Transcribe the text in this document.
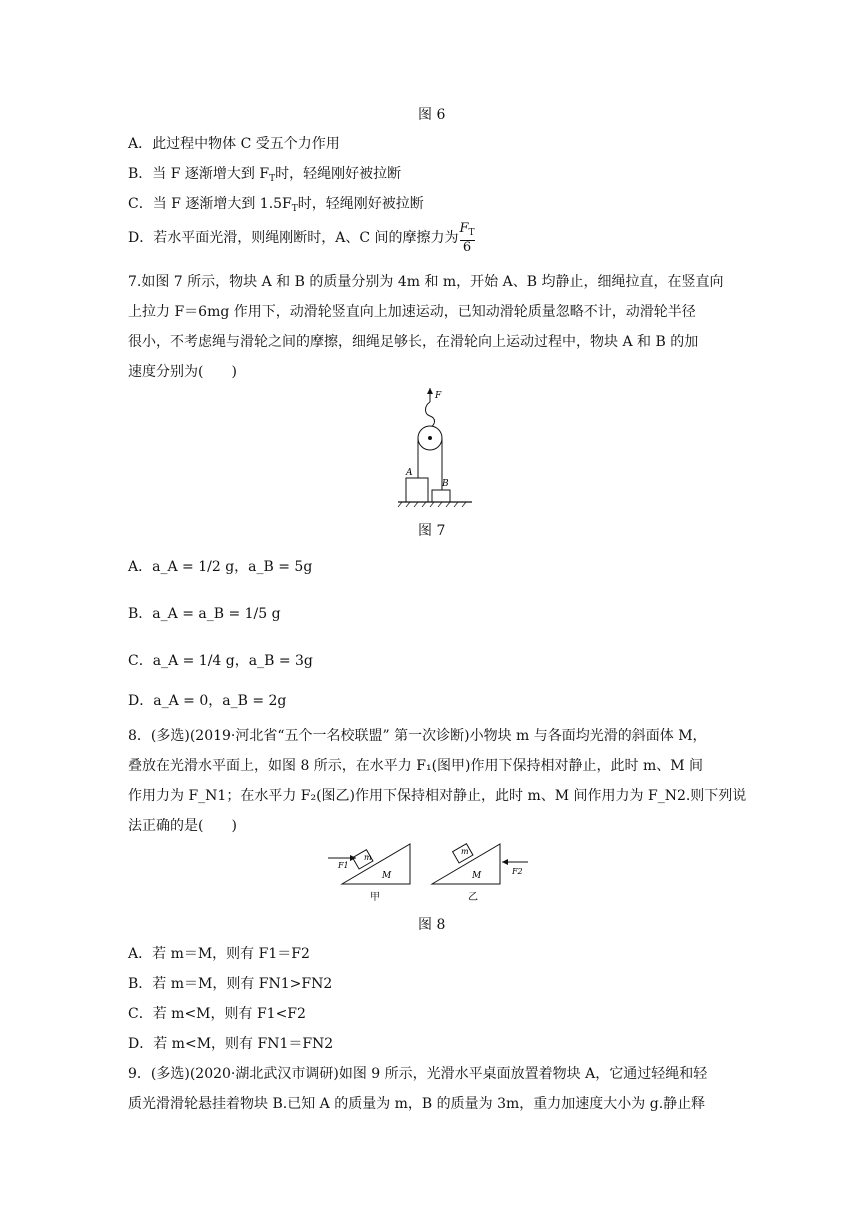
图 6
A．此过程中物体 C 受五个力作用
B．当 F 逐渐增大到 $F_T$时，轻绳刚好被拉断
C．当 F 逐渐增大到 $1.5F_T$时，轻绳刚好被拉断
D．若水平面光滑，则绳刚断时，A、C 间的摩擦力为 $\frac{F_T}{6}$
7.如图 7 所示，物块 A 和 B 的质量分别为 4m 和 m，开始 A、B 均静止，细绳拉直，在竖直向
上拉力 F＝6mg 作用下，动滑轮竖直向上加速运动，已知动滑轮质量忽略不计，动滑轮半径
很小，不考虑绳与滑轮之间的摩擦，细绳足够长，在滑轮向上运动过程中，物块 A 和 B 的加
速度分别为(　　)
F
A
B
图 7
A．a_A = 1/2 g，a_B = 5g
B．a_A = a_B = 1/5 g
C．a_A = 1/4 g，a_B = 3g
D．a_A = 0，a_B = 2g
8．(多选)(2019·河北省“五个一名校联盟” 第一次诊断)小物块 m 与各面均光滑的斜面体 M，
叠放在光滑水平面上，如图 8 所示，在水平力 F₁(图甲)作用下保持相对静止，此时 m、M 间
作用力为 F_N1；在水平力 F₂(图乙)作用下保持相对静止，此时 m、M 间作用力为 F_N2.则下列说
法正确的是(　　)
m
M
F1
甲
m
M	F2
乙
图 8
A．若 m＝M，则有 F1＝F2
B．若 m＝M，则有 FN1>FN2
C．若 m<M，则有 F1<F2
D．若 m<M，则有 FN1＝FN2
9．(多选)(2020·湖北武汉市调研)如图 9 所示，光滑水平桌面放置着物块 A，它通过轻绳和轻
质光滑滑轮悬挂着物块 B.已知 A 的质量为 m，B 的质量为 3m，重力加速度大小为 g.静止释
